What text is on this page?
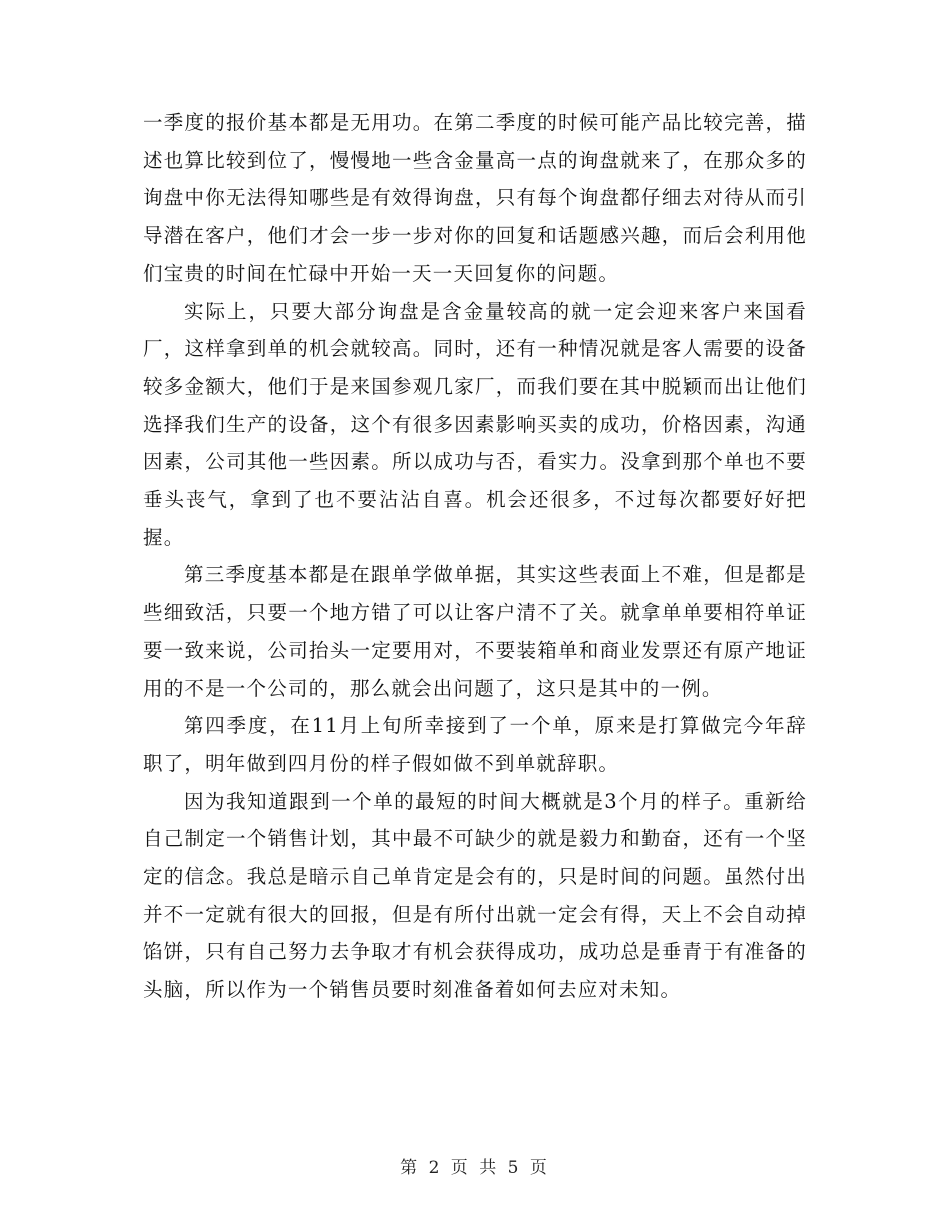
一季度的报价基本都是无用功。在第二季度的时候可能产品比较完善，描述也算比较到位了，慢慢地一些含金量高一点的询盘就来了，在那众多的询盘中你无法得知哪些是有效得询盘，只有每个询盘都仔细去对待从而引导潜在客户，他们才会一步一步对你的回复和话题感兴趣，而后会利用他们宝贵的时间在忙碌中开始一天一天回复你的问题。

实际上，只要大部分询盘是含金量较高的就一定会迎来客户来国看厂，这样拿到单的机会就较高。同时，还有一种情况就是客人需要的设备较多金额大，他们于是来国参观几家厂，而我们要在其中脱颖而出让他们选择我们生产的设备，这个有很多因素影响买卖的成功，价格因素，沟通因素，公司其他一些因素。所以成功与否，看实力。没拿到那个单也不要垂头丧气，拿到了也不要沾沾自喜。机会还很多，不过每次都要好好把握。

第三季度基本都是在跟单学做单据，其实这些表面上不难，但是都是些细致活，只要一个地方错了可以让客户清不了关。就拿单单要相符单证要一致来说，公司抬头一定要用对，不要装箱单和商业发票还有原产地证用的不是一个公司的，那么就会出问题了，这只是其中的一例。

第四季度，在11月上旬所幸接到了一个单，原来是打算做完今年辞职了，明年做到四月份的样子假如做不到单就辞职。

因为我知道跟到一个单的最短的时间大概就是3个月的样子。重新给自己制定一个销售计划，其中最不可缺少的就是毅力和勤奋，还有一个坚定的信念。我总是暗示自己单肯定是会有的，只是时间的问题。虽然付出并不一定就有很大的回报，但是有所付出就一定会有得，天上不会自动掉馅饼，只有自己努力去争取才有机会获得成功，成功总是垂青于有准备的头脑，所以作为一个销售员要时刻准备着如何去应对未知。

第 2 页 共 5 页
